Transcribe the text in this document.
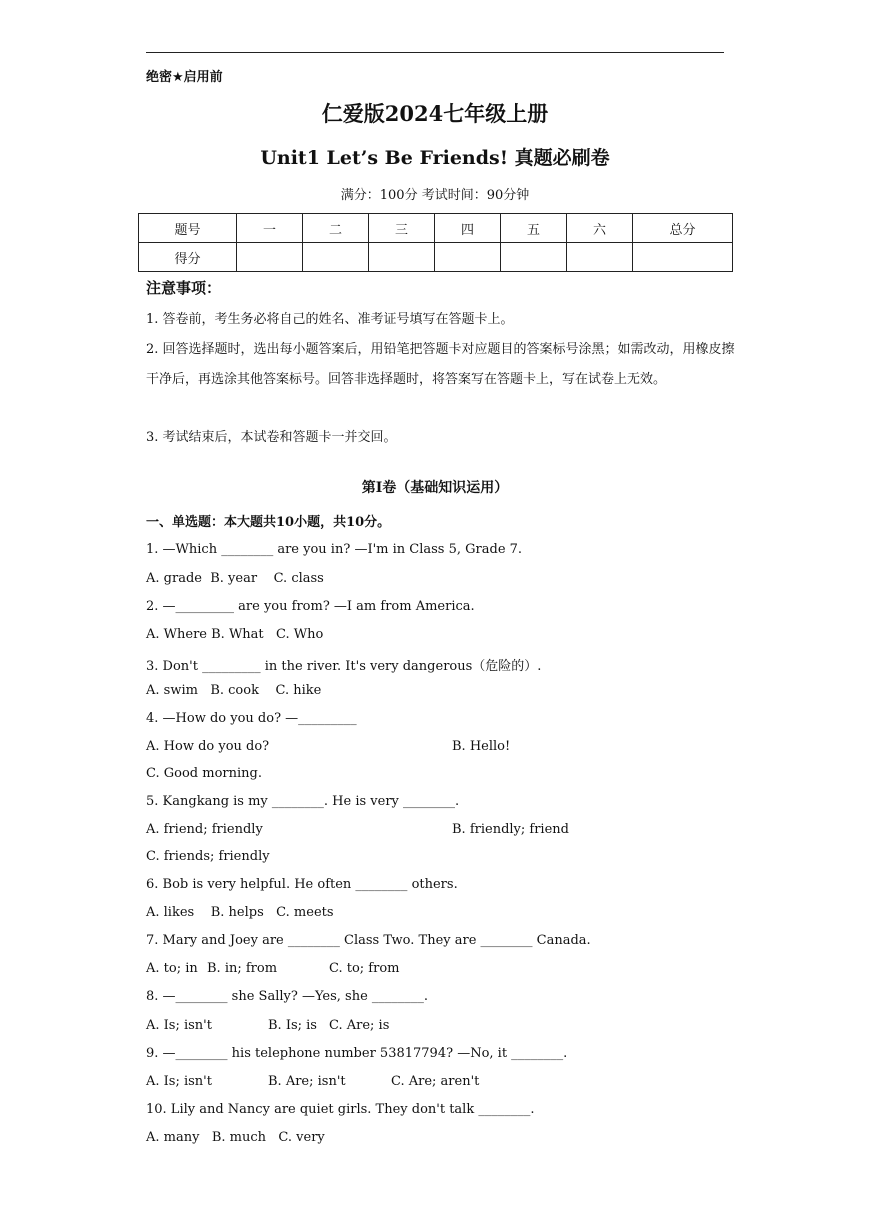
绝密★启用前
仁爱版2024七年级上册
Unit1 Let’s Be Friends! 真题必刷卷
满分：100分 考试时间：90分钟
题号	一	二	三	四	五	六	总分
得分							
注意事项：
1. 答卷前，考生务必将自己的姓名、准考证号填写在答题卡上。
2. 回答选择题时，选出每小题答案后，用铅笔把答题卡对应题目的答案标号涂黑；如需改动，用橡皮擦干净后，再选涂其他答案标号。回答非选择题时，将答案写在答题卡上，写在试卷上无效。
3. 考试结束后，本试卷和答题卡一并交回。
第I卷（基础知识运用）
一、单选题：本大题共10小题，共10分。
1. —Which ________ are you in? —I'm in Class 5, Grade 7.
A. grade  B. year    C. class
2. —_________ are you from? —I am from America.
A. Where B. What   C. Who
3. Don't _________ in the river. It's very dangerous（危险的）.
A. swim   B. cook    C. hike
4. —How do you do? —_________
A. How do you do?	B. Hello!
C. Good morning.
5. Kangkang is my ________. He is very ________.
A. friend; friendly	B. friendly; friend
C. friends; friendly
6. Bob is very helpful. He often ________ others.
A. likes    B. helps   C. meets
7. Mary and Joey are ________ Class Two. They are ________ Canada.
A. to; in B. in; from	C. to; from
8. —________ she Sally? —Yes, she ________.
A. Is; isn't	B. Is; is C. Are; is
9. —________ his telephone number 53817794? —No, it ________.
A. Is; isn't	B. Are; isn't	C. Are; aren't
10. Lily and Nancy are quiet girls. They don't talk ________.
A. many   B. much   C. very
